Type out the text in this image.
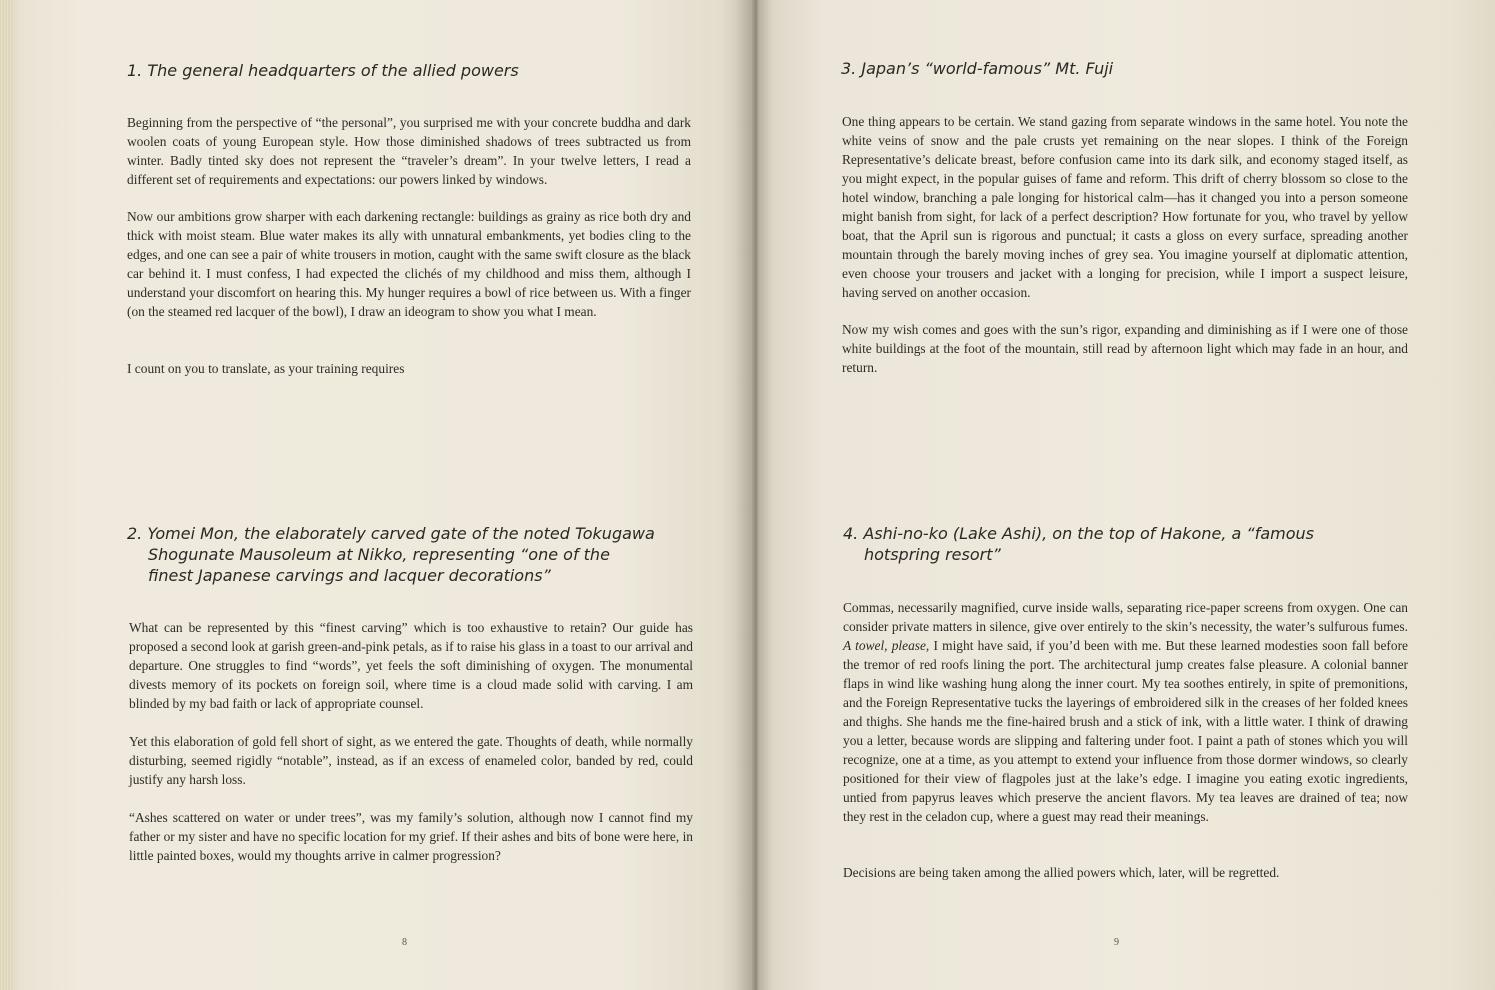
1. The general headquarters of the allied powers

Beginning from the perspective of “the personal”, you surprised me with your concrete buddha and dark woolen coats of young European style. How those diminished shadows of trees subtracted us from winter. Badly tinted sky does not represent the “traveler’s dream”. In your twelve letters, I read a different set of requirements and expectations: our powers linked by windows.

Now our ambitions grow sharper with each darkening rectangle: buildings as grainy as rice both dry and thick with moist steam. Blue water makes its ally with unnatural embankments, yet bodies cling to the edges, and one can see a pair of white trousers in motion, caught with the same swift closure as the black car behind it. I must confess, I had expected the clichés of my childhood and miss them, although I understand your discomfort on hearing this. My hunger requires a bowl of rice between us. With a finger (on the steamed red lacquer of the bowl), I draw an ideogram to show you what I mean.

I count on you to translate, as your training requires

2. Yomei Mon, the elaborately carved gate of the noted Tokugawa
Shogunate Mausoleum at Nikko, representing “one of the
finest Japanese carvings and lacquer decorations”

What can be represented by this “finest carving” which is too exhaustive to retain? Our guide has proposed a second look at garish green-and-pink petals, as if to raise his glass in a toast to our arrival and departure. One struggles to find “words”, yet feels the soft diminishing of oxygen. The monumental divests memory of its pockets on foreign soil, where time is a cloud made solid with carving. I am blinded by my bad faith or lack of appropriate counsel.

Yet this elaboration of gold fell short of sight, as we entered the gate. Thoughts of death, while normally disturbing, seemed rigidly “notable”, instead, as if an excess of enameled color, banded by red, could justify any harsh loss.

“Ashes scattered on water or under trees”, was my family’s solution, although now I cannot find my father or my sister and have no specific location for my grief. If their ashes and bits of bone were here, in little painted boxes, would my thoughts arrive in calmer progression?

8
3. Japan’s “world-famous” Mt. Fuji

One thing appears to be certain. We stand gazing from separate windows in the same hotel. You note the white veins of snow and the pale crusts yet remaining on the near slopes. I think of the Foreign Representative’s delicate breast, before confusion came into its dark silk, and economy staged itself, as you might expect, in the popular guises of fame and reform. This drift of cherry blossom so close to the hotel window, branching a pale longing for historical calm—has it changed you into a person someone might banish from sight, for lack of a perfect description? How fortunate for you, who travel by yellow boat, that the April sun is rigorous and punctual; it casts a gloss on every surface, spreading another mountain through the barely moving inches of grey sea. You imagine yourself at diplomatic attention, even choose your trousers and jacket with a longing for precision, while I import a suspect leisure, having served on another occasion.

Now my wish comes and goes with the sun’s rigor, expanding and diminishing as if I were one of those white buildings at the foot of the mountain, still read by afternoon light which may fade in an hour, and return.

4. Ashi-no-ko (Lake Ashi), on the top of Hakone, a “famous
hotspring resort”

Commas, necessarily magnified, curve inside walls, separating rice-paper screens from oxygen. One can consider private matters in silence, give over entirely to the skin’s necessity, the water’s sulfurous fumes. A towel, please, I might have said, if you’d been with me. But these learned modesties soon fall before the tremor of red roofs lining the port. The architectural jump creates false pleasure. A colonial banner flaps in wind like washing hung along the inner court. My tea soothes entirely, in spite of premonitions, and the Foreign Representative tucks the layerings of embroidered silk in the creases of her folded knees and thighs. She hands me the fine-haired brush and a stick of ink, with a little water. I think of drawing you a letter, because words are slipping and faltering under foot. I paint a path of stones which you will recognize, one at a time, as you attempt to extend your influence from those dormer windows, so clearly positioned for their view of flagpoles just at the lake’s edge. I imagine you eating exotic ingredients, untied from papyrus leaves which preserve the ancient flavors. My tea leaves are drained of tea; now they rest in the celadon cup, where a guest may read their meanings.

Decisions are being taken among the allied powers which, later, will be regretted.

9
